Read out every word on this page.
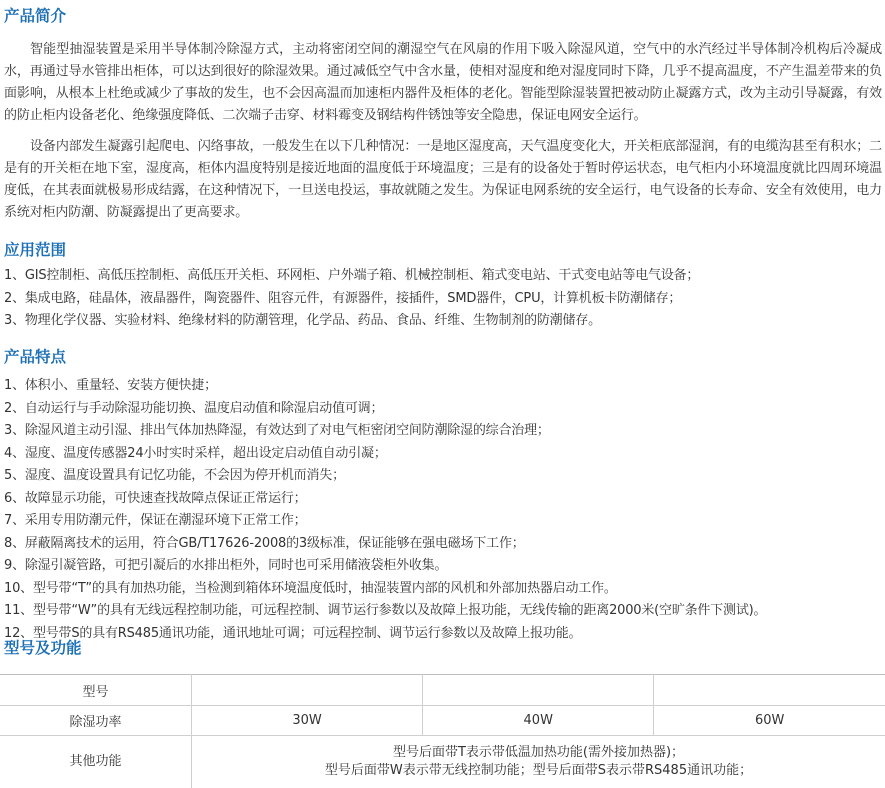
产品简介

智能型抽湿装置是采用半导体制冷除湿方式，主动将密闭空间的潮湿空气在风扇的作用下吸入除湿风道，空气中的水汽经过半导体制冷机构后冷凝成水，再通过导水管排出柜体，可以达到很好的除湿效果。通过减低空气中含水量，使相对湿度和绝对湿度同时下降，几乎不提高温度，不产生温差带来的负面影响，从根本上杜绝或减少了事故的发生，也不会因高温而加速柜内器件及柜体的老化。智能型除湿装置把被动防止凝露方式，改为主动引导凝露，有效的防止柜内设备老化、绝缘强度降低、二次端子击穿、材料霉变及钢结构件锈蚀等安全隐患，保证电网安全运行。

设备内部发生凝露引起爬电、闪络事故，一般发生在以下几种情况：一是地区湿度高，天气温度变化大，开关柜底部湿润，有的电缆沟甚至有积水；二是有的开关柜在地下室，湿度高，柜体内温度特别是接近地面的温度低于环境温度；三是有的设备处于暂时停运状态，电气柜内小环境温度就比四周环境温度低，在其表面就极易形成结露，在这种情况下，一旦送电投运，事故就随之发生。为保证电网系统的安全运行，电气设备的长寿命、安全有效使用，电力系统对柜内防潮、防凝露提出了更高要求。

应用范围
1、GIS控制柜、高低压控制柜、高低压开关柜、环网柜、户外端子箱、机械控制柜、箱式变电站、干式变电站等电气设备；
2、集成电路，硅晶体，液晶器件，陶瓷器件、阻容元件，有源器件，接插件，SMD器件，CPU，计算机板卡防潮储存；
3、物理化学仪器、实验材料、绝缘材料的防潮管理，化学品、药品、食品、纤维、生物制剂的防潮储存。
产品特点
1、体积小、重量轻、安装方便快捷；
2、自动运行与手动除湿功能切换、温度启动值和除湿启动值可调；
3、除湿风道主动引湿、排出气体加热降湿，有效达到了对电气柜密闭空间防潮除湿的综合治理；
4、湿度、温度传感器24小时实时采样，超出设定启动值自动引凝；
5、湿度、温度设置具有记忆功能，不会因为停开机而消失；
6、故障显示功能，可快速查找故障点保证正常运行；
7、采用专用防潮元件，保证在潮湿环境下正常工作；
8、屏蔽隔离技术的运用，符合GB/T17626-2008的3级标准，保证能够在强电磁场下工作；
9、除湿引凝管路，可把引凝后的水排出柜外，同时也可采用储液袋柜外收集。
10、型号带“T”的具有加热功能，当检测到箱体环境温度低时，抽湿装置内部的风机和外部加热器启动工作。
11、型号带“W”的具有无线远程控制功能，可远程控制、调节运行参数以及故障上报功能，无线传输的距离2000米(空旷条件下测试)。
12、型号带S的具有RS485通讯功能，通讯地址可调；可远程控制、调节运行参数以及故障上报功能。
型号及功能
型号			
除湿功率	30W	40W	60W
其他功能	型号后面带T表示带低温加热功能(需外接加热器)；
型号后面带W表示带无线控制功能；型号后面带S表示带RS485通讯功能；		
